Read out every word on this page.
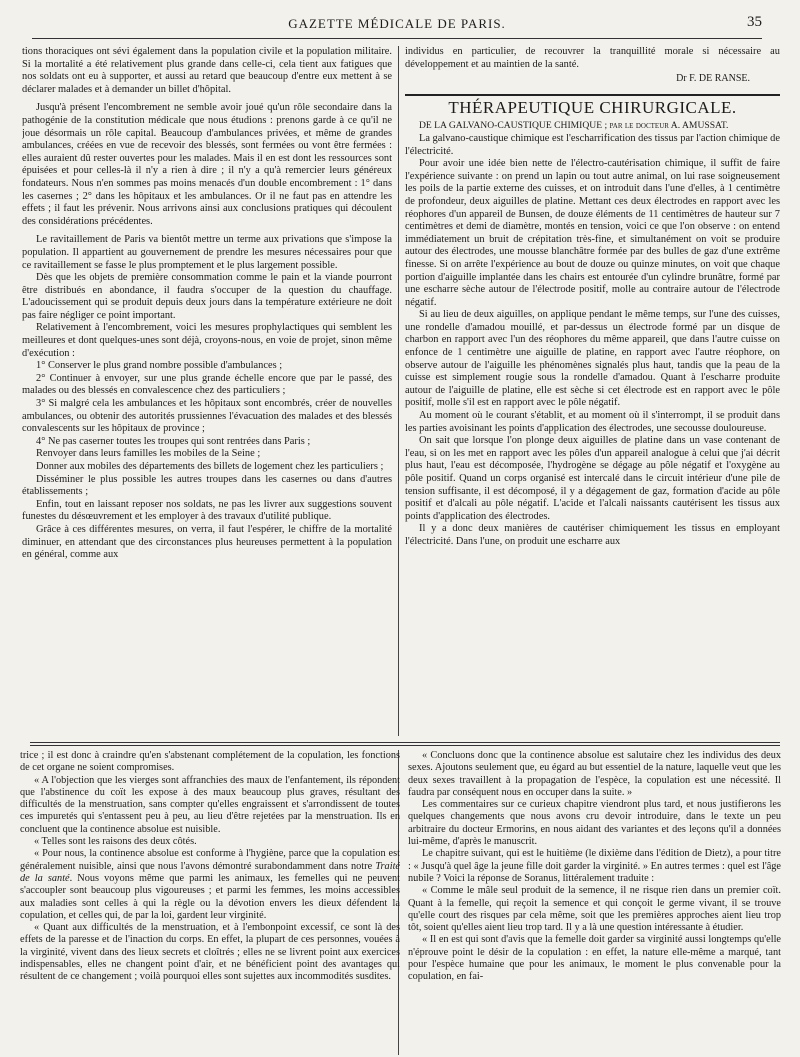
GAZETTE MÉDICALE DE PARIS.	35

tions thoraciques ont sévi également dans la population civile et la population militaire. Si la mortalité a été relativement plus grande dans celle-ci, cela tient aux fatigues que nos soldats ont eu à supporter, et aussi au retard que beaucoup d'entre eux mettent à se déclarer malades et à demander un billet d'hôpital.

Jusqu'à présent l'encombrement ne semble avoir joué qu'un rôle secondaire dans la pathogénie de la constitution médicale que nous étudions : prenons garde à ce qu'il ne joue désormais un rôle capital. Beaucoup d'ambulances privées, et même de grandes ambulances, créées en vue de recevoir des blessés, sont fermées ou vont être fermées : elles auraient dû rester ouvertes pour les malades. Mais il en est dont les ressources sont épuisées et pour celles-là il n'y a rien à dire ; il n'y a qu'à remercier leurs généreux fondateurs. Nous n'en sommes pas moins menacés d'un double encombrement : 1° dans les casernes ; 2° dans les hôpitaux et les ambulances. Or il ne faut pas en attendre les effets ; il faut les prévenir. Nous arrivons ainsi aux conclusions pratiques qui découlent des considérations précédentes.

Le ravitaillement de Paris va bientôt mettre un terme aux privations que s'impose la population. Il appartient au gouvernement de prendre les mesures nécessaires pour que ce ravitaillement se fasse le plus promptement et le plus largement possible.

Dès que les objets de première consommation comme le pain et la viande pourront être distribués en abondance, il faudra s'occuper de la question du chauffage. L'adoucissement qui se produit depuis deux jours dans la température extérieure ne doit pas faire négliger ce point important.

Relativement à l'encombrement, voici les mesures prophylactiques qui semblent les meilleures et dont quelques-unes sont déjà, croyons-nous, en voie de projet, sinon même d'exécution :

1° Conserver le plus grand nombre possible d'ambulances ;

2° Continuer à envoyer, sur une plus grande échelle encore que par le passé, des malades ou des blessés en convalescence chez des particuliers ;

3° Si malgré cela les ambulances et les hôpitaux sont encombrés, créer de nouvelles ambulances, ou obtenir des autorités prussiennes l'évacuation des malades et des blessés convalescents sur les hôpitaux de province ;

4° Ne pas caserner toutes les troupes qui sont rentrées dans Paris ;

Renvoyer dans leurs familles les mobiles de la Seine ;

Donner aux mobiles des départements des billets de logement chez les particuliers ;

Disséminer le plus possible les autres troupes dans les casernes ou dans d'autres établissements ;

Enfin, tout en laissant reposer nos soldats, ne pas les livrer aux suggestions souvent funestes du désœuvrement et les employer à des travaux d'utilité publique.

Grâce à ces différentes mesures, on verra, il faut l'espérer, le chiffre de la mortalité diminuer, en attendant que des circonstances plus heureuses permettent à la population en général, comme aux

individus en particulier, de recouvrer la tranquillité morale si nécessaire au développement et au maintien de la santé.

Dr F. DE RANSE.
THÉRAPEUTIQUE CHIRURGICALE.

DE LA GALVANO-CAUSTIQUE CHIMIQUE ; par le docteur A. AMUSSAT.

La galvano-caustique chimique est l'escharrification des tissus par l'action chimique de l'électricité.

Pour avoir une idée bien nette de l'électro-cautérisation chimique, il suffit de faire l'expérience suivante : on prend un lapin ou tout autre animal, on lui rase soigneusement les poils de la partie externe des cuisses, et on introduit dans l'une d'elles, à 1 centimètre de profondeur, deux aiguilles de platine. Mettant ces deux électrodes en rapport avec les réophores d'un appareil de Bunsen, de douze éléments de 11 centimètres de hauteur sur 7 centimètres et demi de diamètre, montés en tension, voici ce que l'on observe : on entend immédiatement un bruit de crépitation très-fine, et simultanément on voit se produire autour des électrodes, une mousse blanchâtre formée par des bulles de gaz d'une extrême finesse. Si on arrête l'expérience au bout de douze ou quinze minutes, on voit que chaque portion d'aiguille implantée dans les chairs est entourée d'un cylindre brunâtre, formé par une escharre sèche autour de l'électrode positif, molle au contraire autour de l'électrode négatif.

Si au lieu de deux aiguilles, on applique pendant le même temps, sur l'une des cuisses, une rondelle d'amadou mouillé, et par-dessus un électrode formé par un disque de charbon en rapport avec l'un des réophores du même appareil, que dans l'autre cuisse on enfonce de 1 centimètre une aiguille de platine, en rapport avec l'autre réophore, on observe autour de l'aiguille les phénomènes signalés plus haut, tandis que la peau de la cuisse est simplement rougie sous la rondelle d'amadou. Quant à l'escharre produite autour de l'aiguille de platine, elle est sèche si cet électrode est en rapport avec le pôle positif, molle s'il est en rapport avec le pôle négatif.

Au moment où le courant s'établit, et au moment où il s'interrompt, il se produit dans les parties avoisinant les points d'application des électrodes, une secousse douloureuse.

On sait que lorsque l'on plonge deux aiguilles de platine dans un vase contenant de l'eau, si on les met en rapport avec les pôles d'un appareil analogue à celui que j'ai décrit plus haut, l'eau est décomposée, l'hydrogène se dégage au pôle négatif et l'oxygène au pôle positif. Quand un corps organisé est intercalé dans le circuit intérieur d'une pile de tension suffisante, il est décomposé, il y a dégagement de gaz, formation d'acide au pôle positif et d'alcali au pôle négatif. L'acide et l'alcali naissants cautérisent les tissus aux points d'application des électrodes.

Il y a donc deux manières de cautériser chimiquement les tissus en employant l'électricité. Dans l'une, on produit une escharre aux

trice ; il est donc à craindre qu'en s'abstenant complétement de la copulation, les fonctions de cet organe ne soient compromises.

« A l'objection que les vierges sont affranchies des maux de l'enfantement, ils répondent que l'abstinence du coït les expose à des maux beaucoup plus graves, résultant des difficultés de la menstruation, sans compter qu'elles engraissent et s'arrondissent de toutes ces impuretés qui s'entassent peu à peu, au lieu d'être rejetées par la menstruation. Ils en concluent que la continence absolue est nuisible.

« Telles sont les raisons des deux côtés.

« Pour nous, la continence absolue est conforme à l'hygiène, parce que la copulation est généralement nuisible, ainsi que nous l'avons démontré surabondamment dans notre Traité de la santé. Nous voyons même que parmi les animaux, les femelles qui ne peuvent s'accoupler sont beaucoup plus vigoureuses ; et parmi les femmes, les moins accessibles aux maladies sont celles à qui la règle ou la dévotion envers les dieux défendent la copulation, et celles qui, de par la loi, gardent leur virginité.

« Quant aux difficultés de la menstruation, et à l'embonpoint excessif, ce sont là des effets de la paresse et de l'inaction du corps. En effet, la plupart de ces personnes, vouées à la virginité, vivent dans des lieux secrets et cloîtrés ; elles ne se livrent point aux exercices indispensables, elles ne changent point d'air, et ne bénéficient point des avantages qui résultent de ce changement ; voilà pourquoi elles sont sujettes aux incommodités susdites.

« Concluons donc que la continence absolue est salutaire chez les individus des deux sexes. Ajoutons seulement que, eu égard au but essentiel de la nature, laquelle veut que les deux sexes travaillent à la propagation de l'espèce, la copulation est une nécessité. Il faudra par conséquent nous en occuper dans la suite. »

Les commentaires sur ce curieux chapitre viendront plus tard, et nous justifierons les quelques changements que nous avons cru devoir introduire, dans le texte un peu arbitraire du docteur Ermorins, en nous aidant des variantes et des leçons qu'il a données lui-même, d'après le manuscrit.

Le chapitre suivant, qui est le huitième (le dixième dans l'édition de Dietz), a pour titre : « Jusqu'à quel âge la jeune fille doit garder la virginité. » En autres termes : quel est l'âge nubile ? Voici la réponse de Soranus, littéralement traduite :

« Comme le mâle seul produit de la semence, il ne risque rien dans un premier coït. Quant à la femelle, qui reçoit la semence et qui conçoit le germe vivant, il se trouve qu'elle court des risques par cela même, soit que les premières approches aient lieu trop tôt, soient qu'elles aient lieu trop tard. Il y a là une question intéressante à étudier.

« Il en est qui sont d'avis que la femelle doit garder sa virginité aussi longtemps qu'elle n'éprouve point le désir de la copulation : en effet, la nature elle-même a marqué, tant pour l'espèce humaine que pour les animaux, le moment le plus convenable pour la copulation, en fai-
